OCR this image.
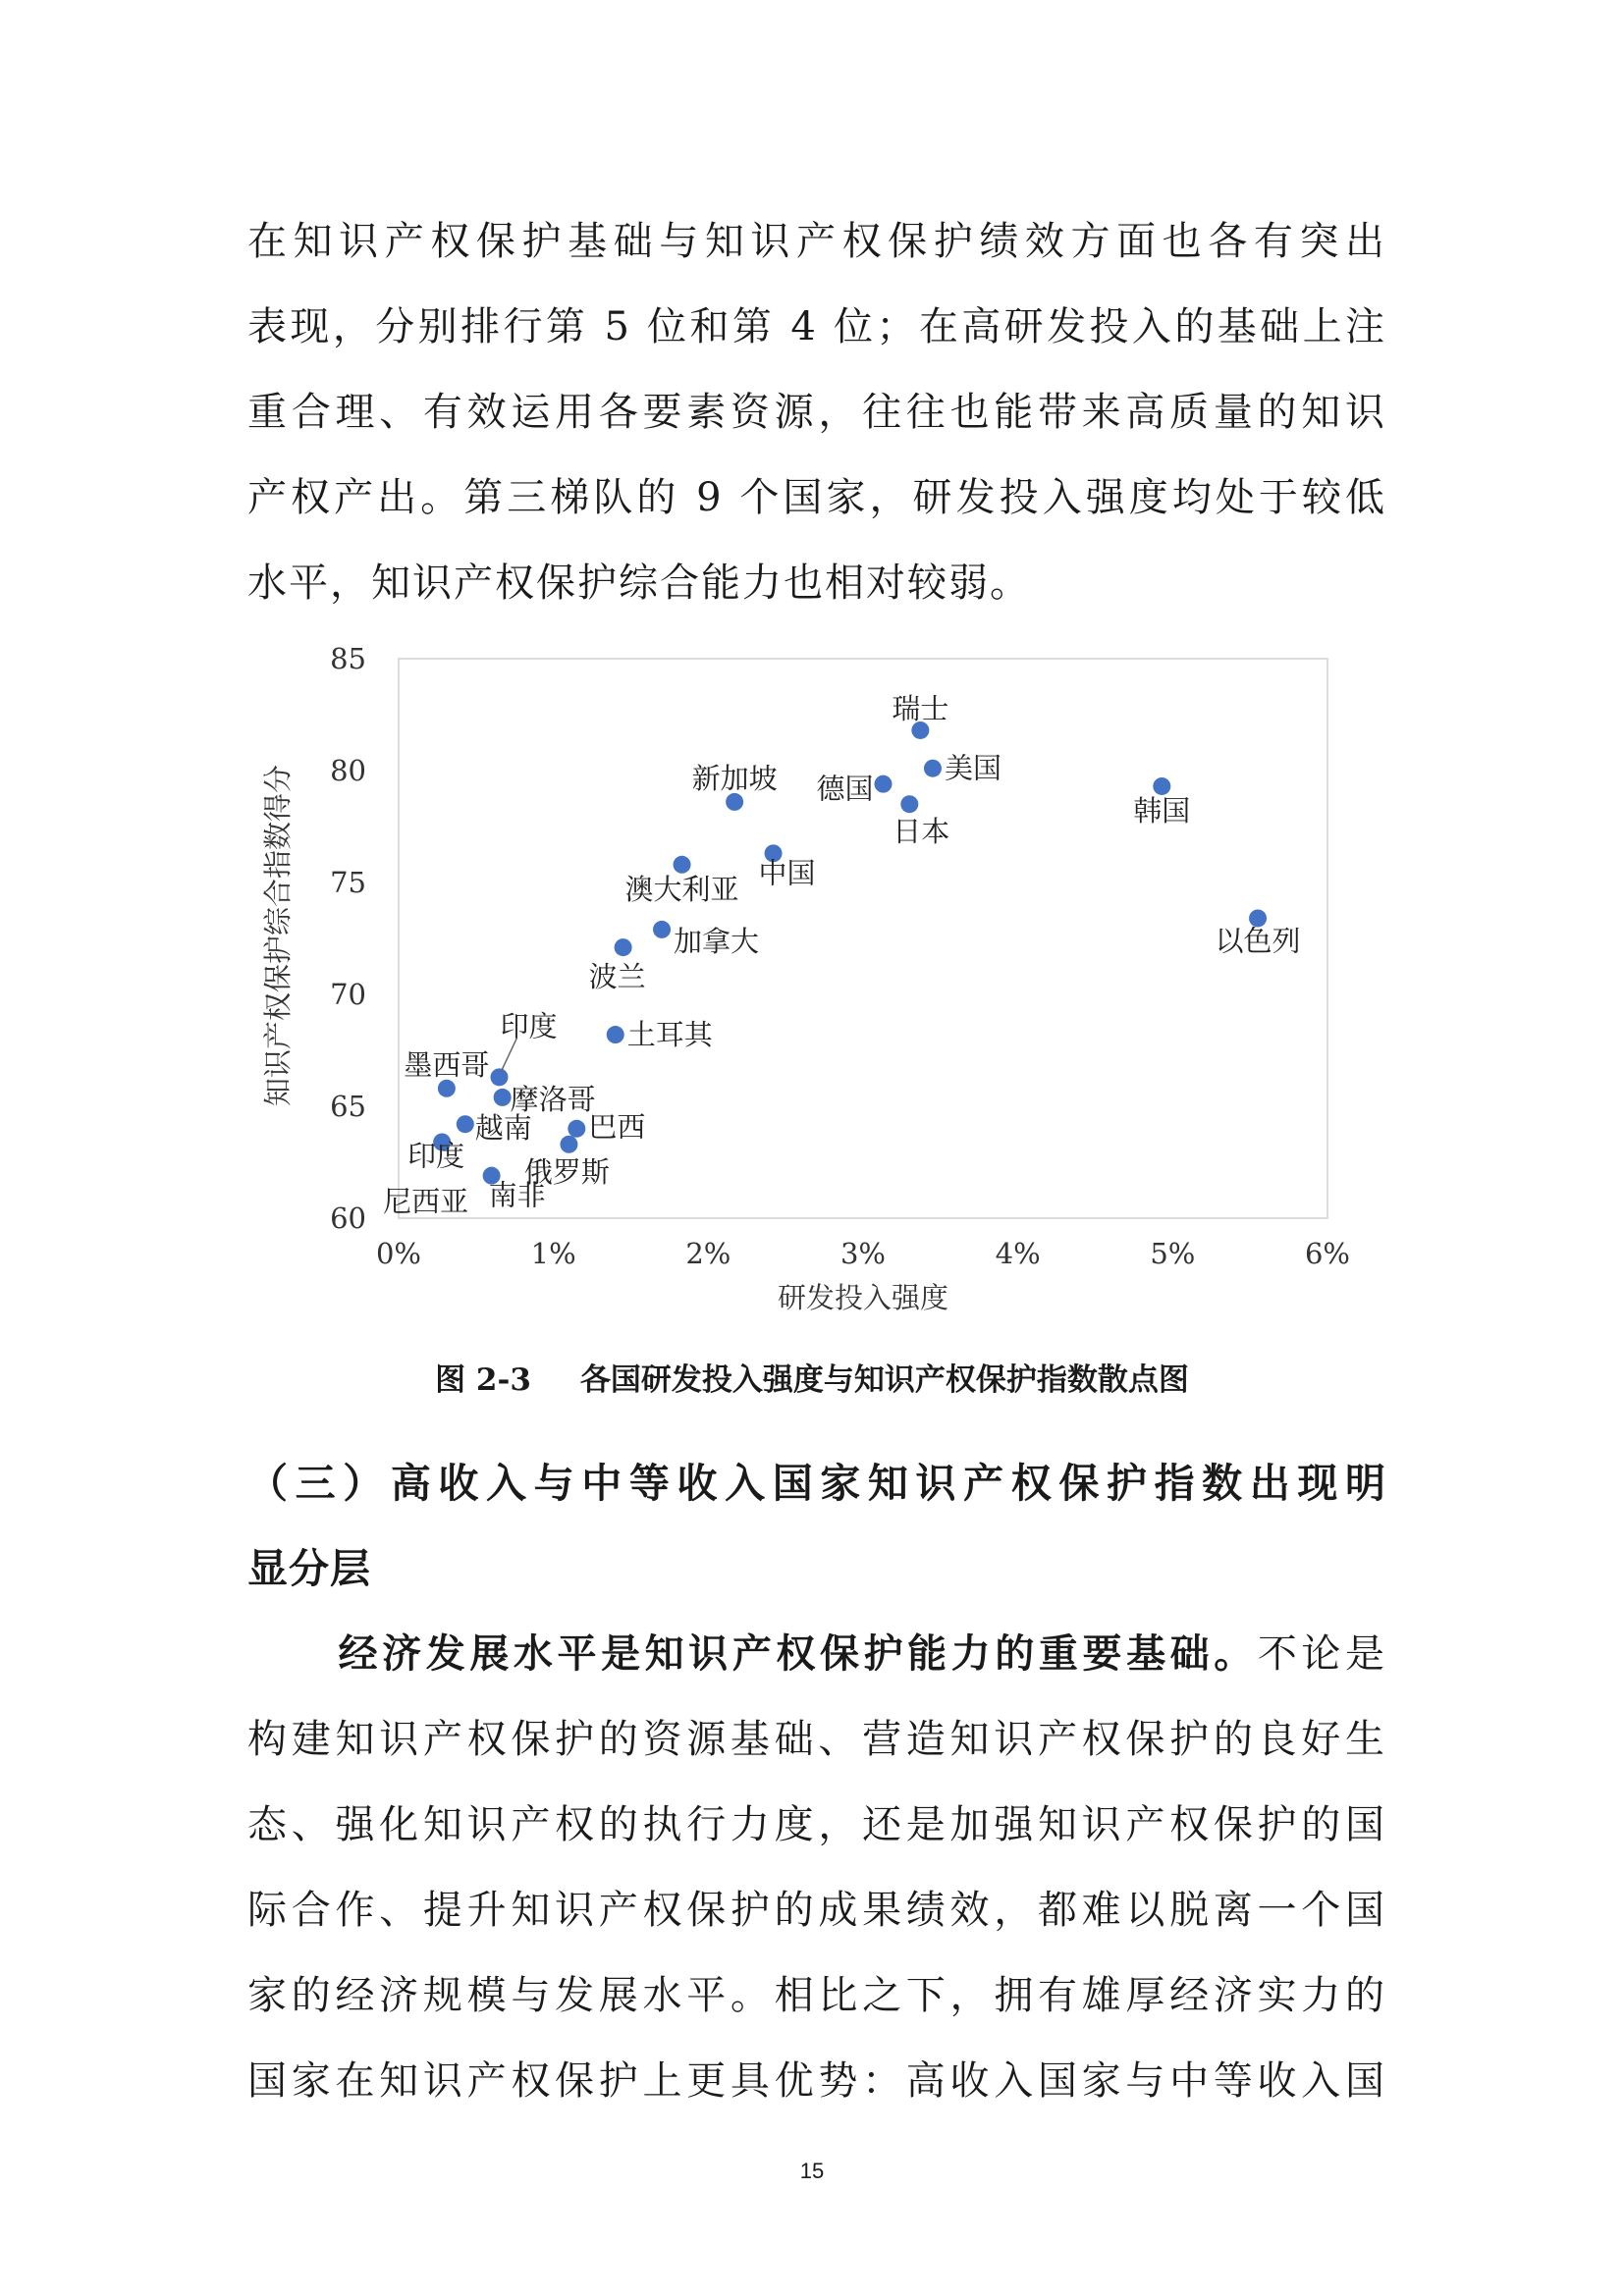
在知识产权保护基础与知识产权保护绩效方面也各有突出
表现，分别排行第 5 位和第 4 位；在高研发投入的基础上注
重合理、有效运用各要素资源，往往也能带来高质量的知识
产权产出。第三梯队的 9 个国家，研发投入强度均处于较低
水平，知识产权保护综合能力也相对较弱。
60
65
70
75
80
85
0%	1%	2%	3%	4%	5%	6%
瑞士
美国
德国
日本
韩国
新加坡
中国
澳大利亚
以色列
加拿大
波兰
土耳其
印度
墨西哥
摩洛哥
越南 巴西
印度 俄罗斯
尼西亚 南非
研发投入强度
知识产权保护综合指数得分
图 2-3 各国研发投入强度与知识产权保护指数散点图
（三）高收入与中等收入国家知识产权保护指数出现明
显分层
经济发展水平是知识产权保护能力的重要基础。不论是
构建知识产权保护的资源基础、营造知识产权保护的良好生
态、强化知识产权的执行力度，还是加强知识产权保护的国
际合作、提升知识产权保护的成果绩效，都难以脱离一个国
家的经济规模与发展水平。相比之下，拥有雄厚经济实力的
国家在知识产权保护上更具优势：高收入国家与中等收入国
15
